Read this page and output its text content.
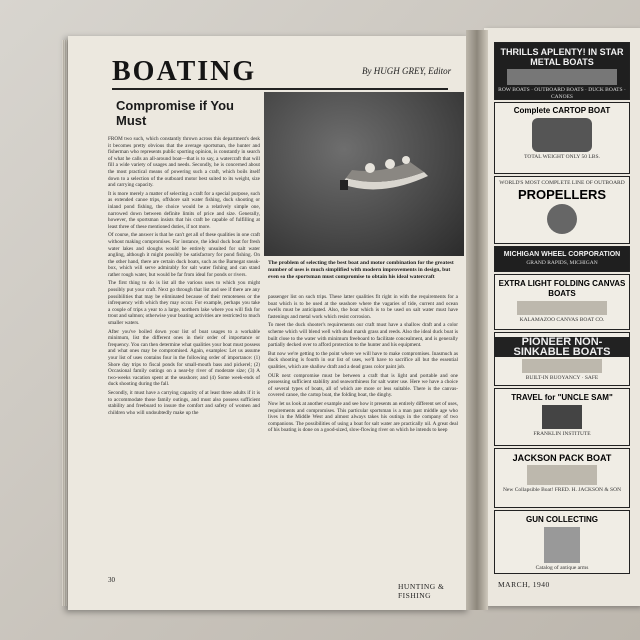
BOATING	By HUGH GREY, Editor
Compromise if You Must
The problem of selecting the best boat and motor combination for the greatest number of uses is much simplified with modern improvements in design, but even so the sportsman must compromise to obtain his ideal watercraft

FROM two such, which constantly thrown across this department's desk it becomes pretty obvious that the average sportsman, the hunter and fisherman who represents public sporting opinion, is constantly in search of what he calls an all-around boat—that is to say, a watercraft that will fill a wide variety of usages and needs. Secondly, he is concerned about the most practical means of powering such a craft, which boils itself down to a selection of the outboard motor best suited to its weight, size and carrying capacity.

It is more merely a matter of selecting a craft for a special purpose, such as extended canoe trips, offshore salt water fishing, duck shooting or inland pond fishing, the choice would be a relatively simple one, narrowed down between definite limits of price and size. Generally, however, the sportsman insists that his craft be capable of fulfilling at least three of these mentioned duties, if not more.

Of course, the answer is that he can't get all of these qualities in one craft without making compromises. For instance, the ideal duck boat for fresh water lakes and sloughs would be entirely unsuited for salt water angling, although it might possibly be satisfactory for pond fishing. On the other hand, there are certain duck boats, such as the Barnegat sneak-box, which will serve admirably for salt water fishing and can stand rather rough water, but would be far from ideal for ponds or rivers.

The first thing to do is list all the various uses to which you might possibly put your craft. Next go through that list and see if there are any possibilities that may be eliminated because of their remoteness or the infrequency with which they may occur. For example, perhaps you take a couple of trips a year to a large, northern lake where you will fish for trout and salmon; otherwise your boating activities are restricted to much smaller waters.

After you've boiled down your list of boat usages to a workable minimum, list the different ones in their order of importance or frequency. You can then determine what qualities your boat must possess and what ones may be compromised. Again, examples: Let us assume your list of uses contains four in the following order of importance: (1) Shore day trips to fiscal ponds for small-mouth bass and pickerel; (2) Occasional family outings on a near-by river of moderate size; (3) A two-weeks vacation spent at the seashore; and (4) Some week-ends of duck shooting during the fall.

Secondly, it must have a carrying capacity of at least three adults if it is to accommodate those family outings, and must also possess sufficient stability and freeboard to insure the comfort and safety of women and children who will undoubtedly make up the

passenger list on such trips. These latter qualities fit right in with the requirements for a boat which is to be used at the seashore where the vagaries of tide, current and ocean swells must be anticipated. Also, the boat which is to be used on salt water must have fastenings and metal work which resist corrosion.

To meet the duck shooter's requirements our craft must have a shallow draft and a color scheme which will blend well with dead marsh grass and reeds. Also the ideal duck boat is built close to the water with minimum freeboard to facilitate concealment, and is generally partially decked over to afford protection to the hunter and his equipment.

But now we're getting to the point where we will have to make compromises. Inasmuch as duck shooting is fourth in our list of uses, we'll have to sacrifice all but the essential qualities, which are shallow draft and a dead grass color paint job.

OUR next compromise must be between a craft that is light and portable and one possessing sufficient stability and seaworthiness for salt water use. Here we have a choice of several types of boats, all of which are more or less suitable. There is the canvas-covered canoe, the cartop boat, the folding boat, the dinghy.

Now let us look at another example and see how it presents an entirely different set of uses, requirements and compromises. This particular sportsman is a man past middle age who lives in the Middle West and almost always takes his outings in the company of two companions. The possibilities of using a boat for salt water are practically nil. A great deal of his boating is done on a good-sized, slow-flowing river on which he intends to keep

30
HUNTING & FISHING
THRILLS APLENTY! IN STAR METAL BOATS
ROW BOATS · OUTBOARD BOATS · DUCK BOATS · CANOES
Complete CARTOP BOAT
TOTAL WEIGHT ONLY 50 LBS.
WORLD'S MOST COMPLETE LINE OF OUTBOARD
PROPELLERS
MICHIGAN WHEEL CORPORATION
GRAND RAPIDS, MICHIGAN
EXTRA LIGHT FOLDING CANVAS BOATS
KALAMAZOO CANVAS BOAT CO.
PIONEER NON-SINKABLE BOATS
BUILT-IN BUOYANCY · SAFE
TRAVEL for "UNCLE SAM"
FRANKLIN INSTITUTE
JACKSON PACK BOAT
New Collapsible Boat! FRED. H. JACKSON & SON
GUN COLLECTING
Catalog of antique arms
MARCH, 1940
